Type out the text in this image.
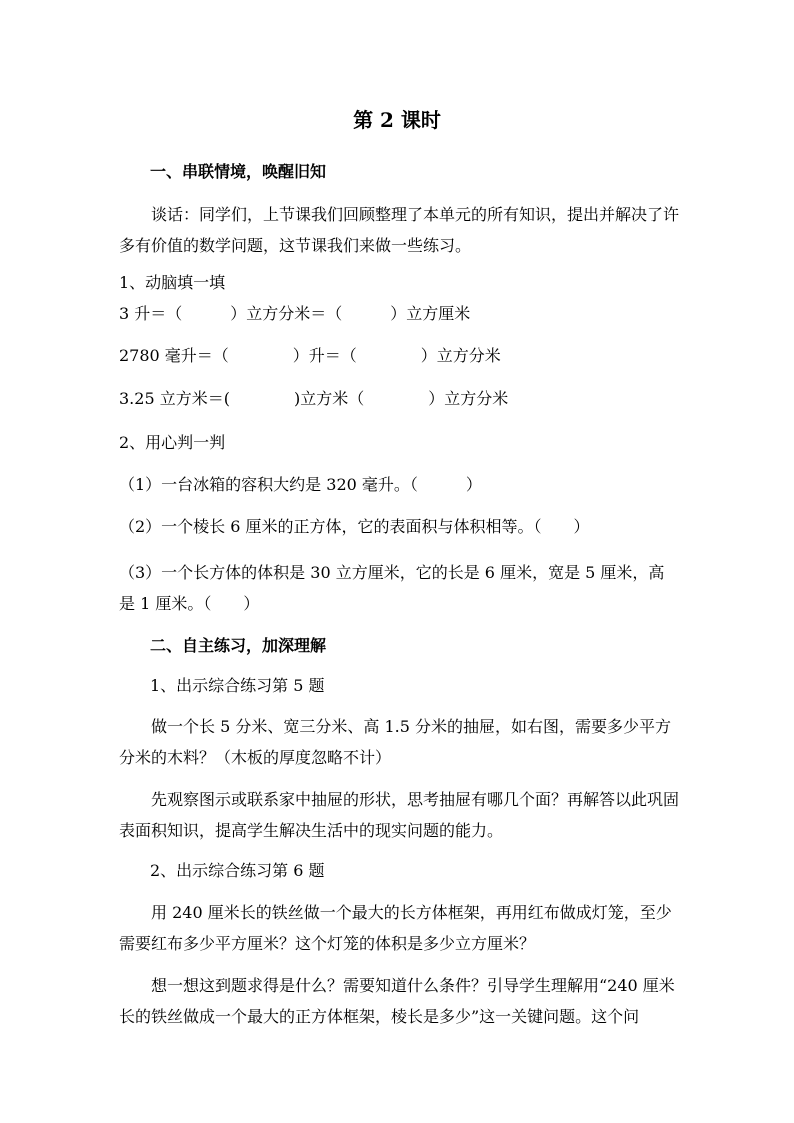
第 2 课时
一、串联情境，唤醒旧知
谈话：同学们，上节课我们回顾整理了本单元的所有知识，提出并解决了许多有价值的数学问题，这节课我们来做一些练习。
1、动脑填一填
3 升＝（　　　）立方分米＝（　　　）立方厘米
2780 毫升＝（　　　　）升＝（　　　　）立方分米
3.25 立方米＝(　　　　)立方米（　　　　）立方分米
2、用心判一判
（1）一台冰箱的容积大约是 320 毫升。（　　　）
（2）一个棱长 6 厘米的正方体，它的表面积与体积相等。（　　）
（3）一个长方体的体积是 30 立方厘米，它的长是 6 厘米，宽是 5 厘米，高是 1 厘米。（　　）
二、自主练习，加深理解
1、出示综合练习第 5 题
做一个长 5 分米、宽三分米、高 1.5 分米的抽屉，如右图，需要多少平方分米的木料？（木板的厚度忽略不计）
先观察图示或联系家中抽屉的形状，思考抽屉有哪几个面？再解答以此巩固表面积知识，提高学生解决生活中的现实问题的能力。
2、出示综合练习第 6 题
用 240 厘米长的铁丝做一个最大的长方体框架，再用红布做成灯笼，至少需要红布多少平方厘米？这个灯笼的体积是多少立方厘米？
想一想这到题求得是什么？需要知道什么条件？引导学生理解用“240 厘米长的铁丝做成一个最大的正方体框架，棱长是多少”这一关键问题。这个问
